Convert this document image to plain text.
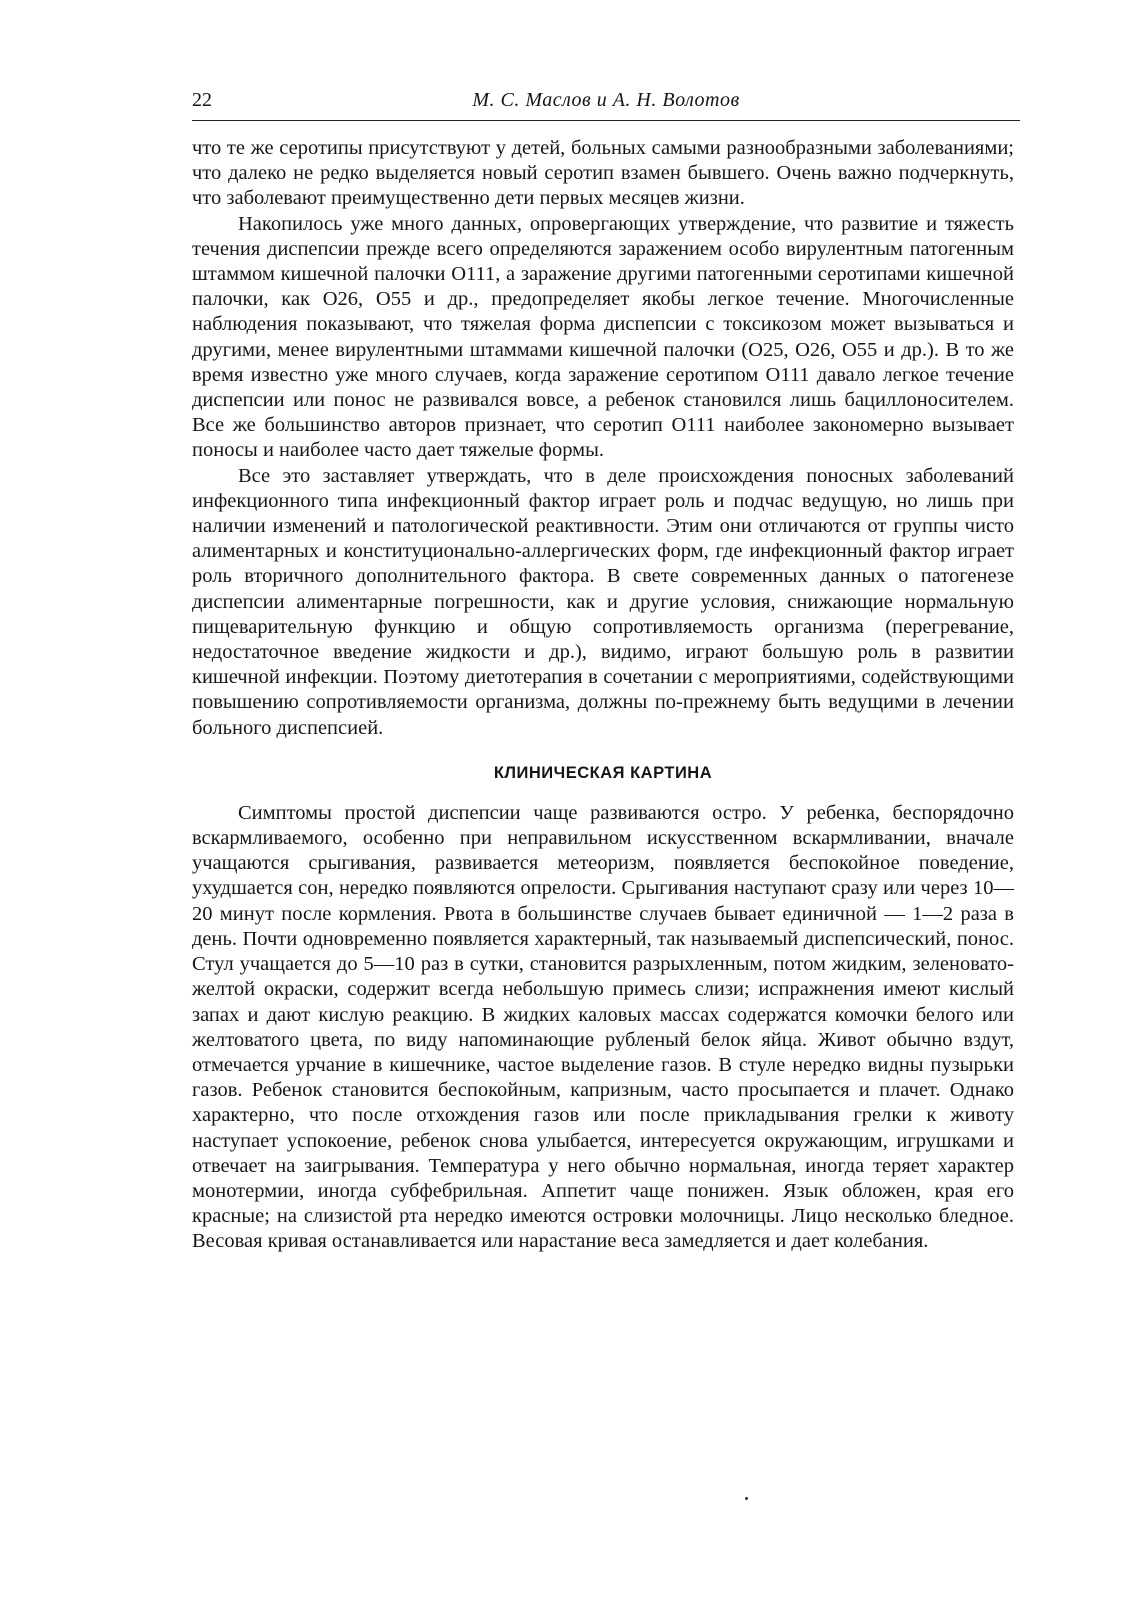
22	М. С. Маслов и А. Н. Волотов

что те же серотипы присутствуют у детей, больных самыми разнообразными заболеваниями; что далеко не редко выделяется новый серотип взамен бывшего. Очень важно подчеркнуть, что заболевают преимущественно дети первых месяцев жизни.

Накопилось уже много данных, опровергающих утверждение, что развитие и тяжесть течения диспепсии прежде всего определяются заражением особо вирулентным патогенным штаммом кишечной палочки О111, а заражение другими патогенными серотипами кишечной палочки, как О26, О55 и др., предопределяет якобы легкое течение. Многочисленные наблюдения показывают, что тяжелая форма диспепсии с токсикозом может вызываться и другими, менее вирулентными штаммами кишечной палочки (О25, О26, О55 и др.). В то же время известно уже много случаев, когда заражение серотипом О111 давало легкое течение диспепсии или понос не развивался вовсе, а ребенок становился лишь бациллоносителем. Все же большинство авторов признает, что серотип О111 наиболее закономерно вызывает поносы и наиболее часто дает тяжелые формы.

Все это заставляет утверждать, что в деле происхождения поносных заболеваний инфекционного типа инфекционный фактор играет роль и подчас ведущую, но лишь при наличии изменений и патологической реактивности. Этим они отличаются от группы чисто алиментарных и конституционально-аллергических форм, где инфекционный фактор играет роль вторичного дополнительного фактора. В свете современных данных о патогенезе диспепсии алиментарные погрешности, как и другие условия, снижающие нормальную пищеварительную функцию и общую сопротивляемость организма (перегревание, недостаточное введение жидкости и др.), видимо, играют большую роль в развитии кишечной инфекции. Поэтому диетотерапия в сочетании с мероприятиями, содействующими повышению сопротивляемости организма, должны по-прежнему быть ведущими в лечении больного диспепсией.

КЛИНИЧЕСКАЯ КАРТИНА

Симптомы простой диспепсии чаще развиваются остро. У ребенка, беспорядочно вскармливаемого, особенно при неправильном искусственном вскармливании, вначале учащаются срыгивания, развивается метеоризм, появляется беспокойное поведение, ухудшается сон, нередко появляются опрелости. Срыгивания наступают сразу или через 10—20 минут после кормления. Рвота в большинстве случаев бывает единичной — 1—2 раза в день. Почти одновременно появляется характерный, так называемый диспепсический, понос. Стул учащается до 5—10 раз в сутки, становится разрыхленным, потом жидким, зеленовато-желтой окраски, содержит всегда небольшую примесь слизи; испражнения имеют кислый запах и дают кислую реакцию. В жидких каловых массах содержатся комочки белого или желтоватого цвета, по виду напоминающие рубленый белок яйца. Живот обычно вздут, отмечается урчание в кишечнике, частое выделение газов. В стуле нередко видны пузырьки газов. Ребенок становится беспокойным, капризным, часто просыпается и плачет. Однако характерно, что после отхождения газов или после прикладывания грелки к животу наступает успокоение, ребенок снова улыбается, интересуется окружающим, игрушками и отвечает на заигрывания. Температура у него обычно нормальная, иногда теряет характер монотермии, иногда субфебрильная. Аппетит чаще понижен. Язык обложен, края его красные; на слизистой рта нередко имеются островки молочницы. Лицо несколько бледное. Весовая кривая останавливается или нарастание веса замедляется и дает колебания.
